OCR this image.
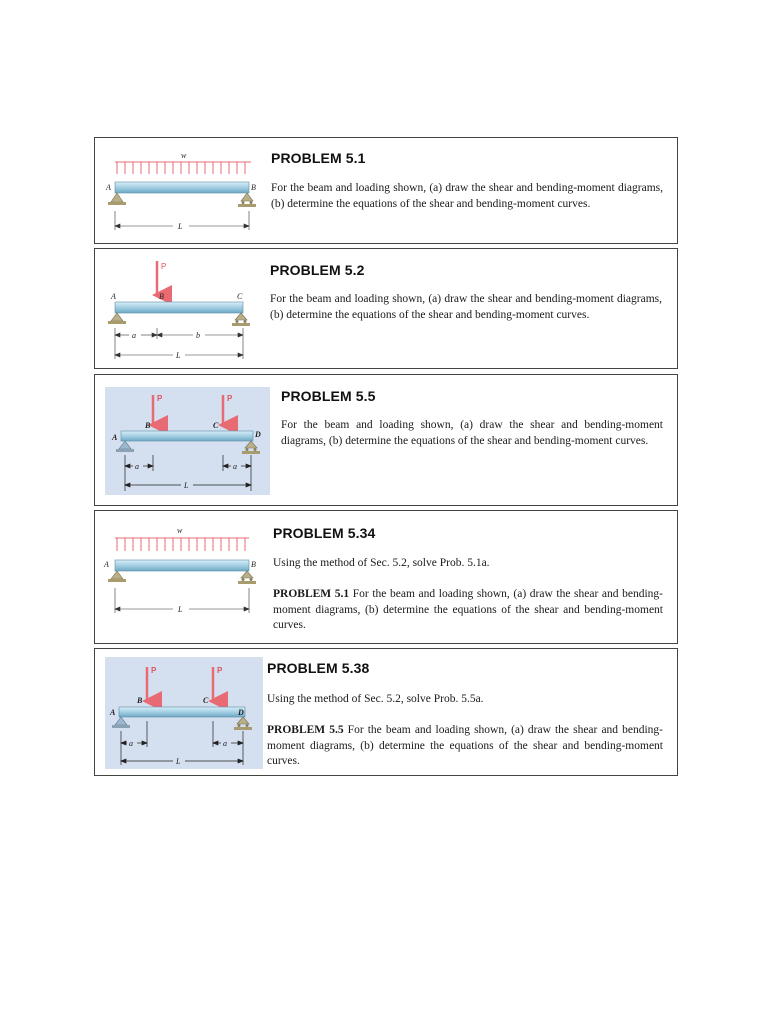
w
A	B
L
PROBLEM 5.1
For the beam and loading shown, (a) draw the shear and bending-moment diagrams, (b) determine the equations of the shear and bending-moment curves.
P
A	B	C
a	b
L
PROBLEM 5.2
For the beam and loading shown, (a) draw the shear and bending-moment diagrams, (b) determine the equations of the shear and bending-moment curves.
P	P
A
B	C
D
a	a
L
PROBLEM 5.5
For the beam and loading shown, (a) draw the shear and bending-moment diagrams, (b) determine the equations of the shear and bending-moment curves.
w
A	B
L
PROBLEM 5.34
Using the method of Sec. 5.2, solve Prob. 5.1a.
PROBLEM 5.1 For the beam and loading shown, (a) draw the shear and bending-moment diagrams, (b) determine the equations of the shear and bending-moment curves.
P	P
A
B	C
D
a	a
L
PROBLEM 5.38
Using the method of Sec. 5.2, solve Prob. 5.5a.
PROBLEM 5.5 For the beam and loading shown, (a) draw the shear and bending-moment diagrams, (b) determine the equations of the shear and bending-moment curves.
